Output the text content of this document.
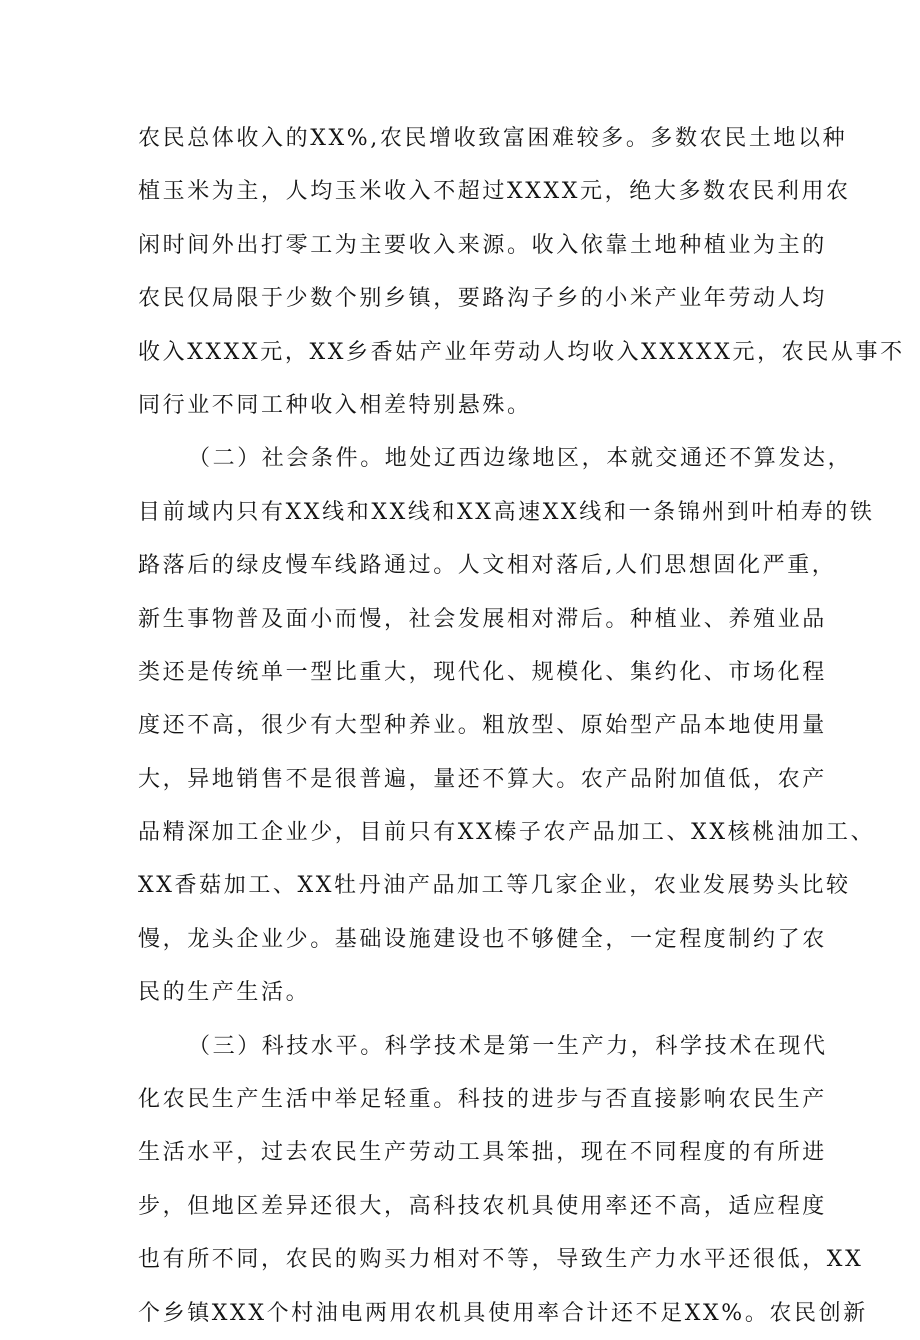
农民总体收入的XX%,农民增收致富困难较多。多数农民土地以种
植玉米为主，人均玉米收入不超过XXXX元，绝大多数农民利用农
闲时间外出打零工为主要收入来源。收入依靠土地种植业为主的
农民仅局限于少数个别乡镇，要路沟子乡的小米产业年劳动人均
收入XXXX元，XX乡香姑产业年劳动人均收入XXXXX元，农民从事不
同行业不同工种收入相差特别悬殊。
（二）社会条件。地处辽西边缘地区，本就交通还不算发达，
目前域内只有XX线和XX线和XX高速XX线和一条锦州到叶柏寿的铁
路落后的绿皮慢车线路通过。人文相对落后,人们思想固化严重，
新生事物普及面小而慢，社会发展相对滞后。种植业、养殖业品
类还是传统单一型比重大，现代化、规模化、集约化、市场化程
度还不高，很少有大型种养业。粗放型、原始型产品本地使用量
大，异地销售不是很普遍，量还不算大。农产品附加值低，农产
品精深加工企业少，目前只有XX榛子农产品加工、XX核桃油加工、
XX香菇加工、XX牡丹油产品加工等几家企业，农业发展势头比较
慢，龙头企业少。基础设施建设也不够健全，一定程度制约了农
民的生产生活。
（三）科技水平。科学技术是第一生产力，科学技术在现代
化农民生产生活中举足轻重。科技的进步与否直接影响农民生产
生活水平，过去农民生产劳动工具笨拙，现在不同程度的有所进
步，但地区差异还很大，高科技农机具使用率还不高，适应程度
也有所不同，农民的购买力相对不等，导致生产力水平还很低，XX
个乡镇XXX个村油电两用农机具使用率合计还不足XX%。农民创新
